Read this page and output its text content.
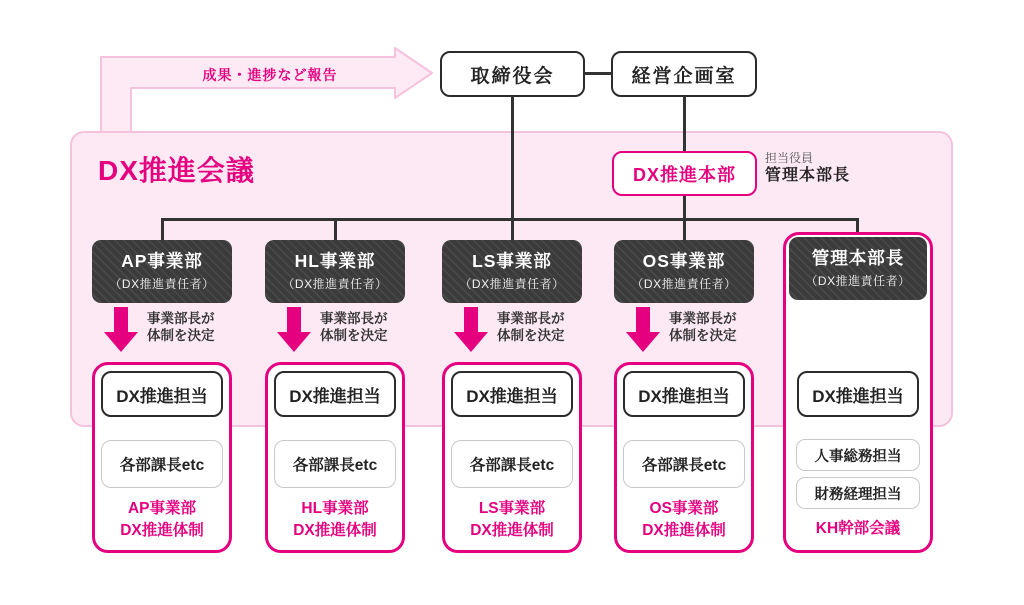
成果・進捗など報告	取締役会	経営企画室
DX推進会議	DX推進本部
担当役員
管理本部長
AP事業部
（DX推進責任者）
HL事業部
（DX推進責任者）
LS事業部
（DX推進責任者）
OS事業部
（DX推進責任者）
事業部長が
体制を決定
事業部長が
体制を決定
事業部長が
体制を決定
事業部長が
体制を決定
DX推進担当
各部課長etc
AP事業部
DX推進体制
DX推進担当
各部課長etc
HL事業部
DX推進体制
DX推進担当
各部課長etc
LS事業部
DX推進体制
DX推進担当
各部課長etc
OS事業部
DX推進体制
管理本部長
（DX推進責任者）
DX推進担当
人事総務担当
財務経理担当
KH幹部会議
